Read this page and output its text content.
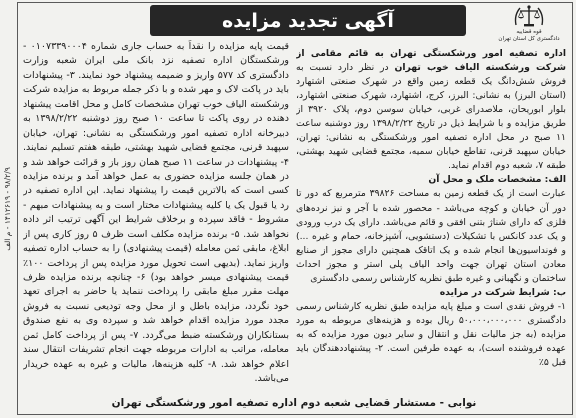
۹۸/۲/۹ - ۱۴۱۲۶۱۹ - م الف
قوه قضاییه
دادگستری کل استان تهران
آگهی تجدید مزایده

اداره تصفیه امور ورشکستگی تهران به قائم مقامی از شرکت ورشکسته الیاف خوب تهران در نظر دارد نسبت به فروش شش‌دانگ یک قطعه زمین واقع در شهرک صنعتی اشتهارد (استان البرز) به نشانی: البرز، کرج، اشتهارد، شهرک صنعتی اشتهارد، بلوار ابوریحان، ملاصدرای غربی، خیابان سوسن دوم، پلاک ۳۹۲۰ از طریق مزایده و با شرایط ذیل در تاریخ ۱۳۹۸/۲/۲۲ روز دوشنبه ساعت ۱۱ صبح در محل اداره تصفیه امور ورشکستگی به نشانی: تهران، خیابان سپهبد قرنی، تقاطع خیابان سمیه، مجتمع قضایی شهید بهشتی، طبقه ۷، شعبه دوم اقدام نماید.

الف: مشخصات ملک و محل آن
عبارت است از یک قطعه زمین به مساحت ۳۹۸۲۶ مترمربع که دور تا دور آن خیابان و کوچه می‌باشد - محصور شده با آجر و نیز نرده‌های فلزی که دارای شناژ بتنی افقی و قائم می‌باشد. دارای یک درب ورودی و یک عدد کانکس با تشکیلات (دستشویی، آشپزخانه، حمام و غیره ...) و فونداسیون‌ها انجام شده و یک اتاقک همچنین دارای مجوز از صنایع معادن استان تهران جهت واحد الیاف پلی استر و مجوز احداث ساختمان و نگهبانی و غیره طبق نظریه کارشناس رسمی دادگستری

ب: شرایط شرکت در مزایده
۱- فروش نقدی است و مبلغ پایه مزایده طبق نظریه کارشناس رسمی دادگستری ۵۰،۰۰۰،۰۰۰،۰۰۰ ریال بوده و هزینه‌های مربوطه به مورد مزایده (به جز مالیات نقل و انتقال و سایر دیون مورد مزایده که به عهده فروشنده است)، به عهده طرفین است. ۲- پیشنهاددهندگان باید قبل ۵٪

قیمت پایه مزایده را نقداً به حساب جاری شماره ۰۱۰۷۳۳۹۰۰۰۴ - ورشکستگان اداره تصفیه نزد بانک ملی ایران شعبه وزارت دادگستری کد ۵۷۷ واریز و ضمیمه پیشنهاد خود نمایند. ۳- پیشنهادات باید در پاکت لاک و مهر شده و با ذکر جمله مربوط به مزایده شرکت ورشکسته الیاف خوب تهران مشخصات کامل و محل اقامت پیشنهاد دهنده در روی پاکت تا ساعت ۱۰ صبح روز دوشنبه ۱۳۹۸/۲/۲۲ به دبیرخانه اداره تصفیه امور ورشکستگی به نشانی: تهران، خیابان سپهبد قرنی، مجتمع قضایی شهید بهشتی، طبقه هفتم تسلیم نمایند. ۴- پیشنهادات در ساعت ۱۱ صبح همان روز باز و قرائت خواهد شد و در همان جلسه مزایده حضوری به عمل خواهد آمد و برنده مزایده کسی است که بالاترین قیمت را پیشنهاد نماید. این اداره تصفیه در رد یا قبول یک یا کلیه پیشنهادات مختار است و به پیشنهادات مبهم - مشروط - فاقد سپرده و برخلاف شرایط این آگهی ترتیب اثر داده نخواهد شد. ۵- برنده مزایده مکلف است ظرف ۵ روز کاری پس از ابلاغ، مابقی ثمن معامله (قیمت پیشنهادی) را به حساب اداره تصفیه واریز نماید. (بدیهی است تحویل مورد مزایده پس از پرداخت ۱۰۰٪ قیمت پیشنهادی میسر خواهد بود) ۶- چنانچه برنده مزایده ظرف مهلت مقرر مبلغ مابقی را پرداخت ننماید یا حاضر به اجرای تعهد خود نگردد، مزایده باطل و از محل وجه تودیعی نسبت به فروش مجدد مورد مزایده اقدام خواهد شد و سپرده وی به نفع صندوق بستانکاران ورشکسته ضبط می‌گردد. ۷- پس از پرداخت کامل ثمن معامله، مراتب به ادارات مربوطه جهت انجام تشریفات انتقال سند اعلام خواهد شد. ۸- کلیه هزینه‌ها، مالیات و غیره به عهده خریدار می‌باشد.

نوابی - مستشار قضایی شعبه دوم اداره تصفیه امور ورشکستگی تهران
